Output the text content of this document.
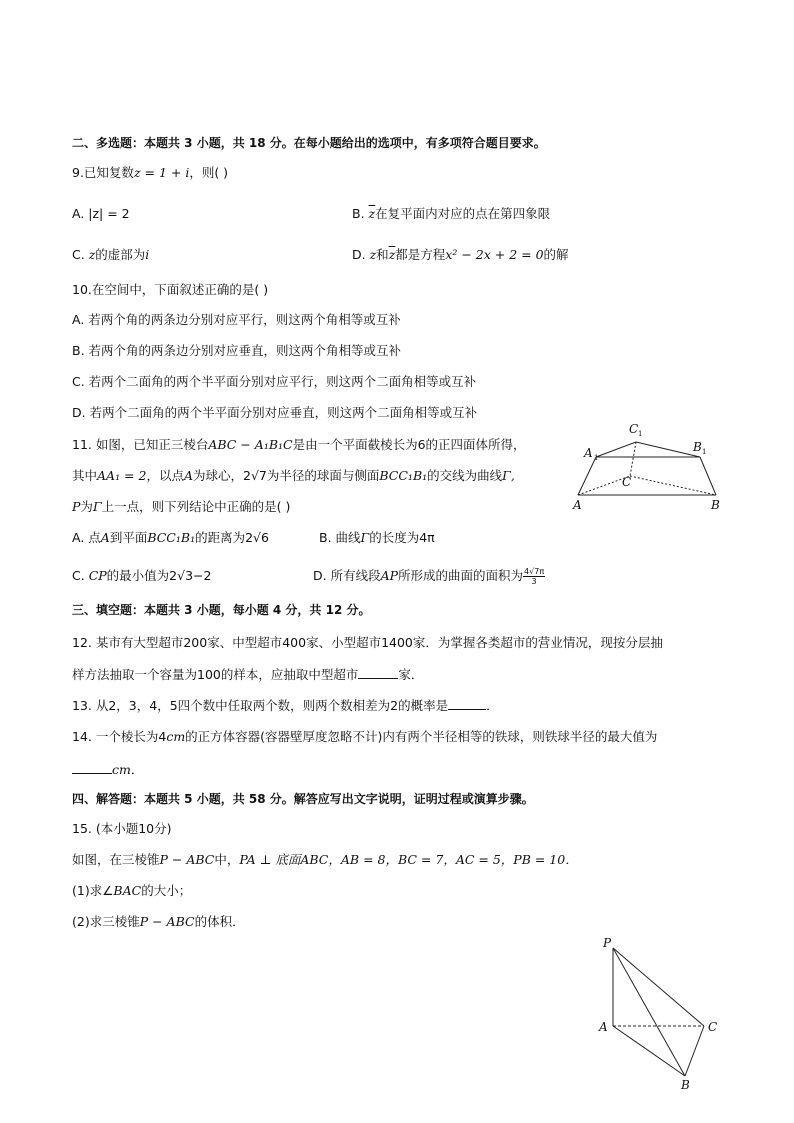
二、多选题：本题共 3 小题，共 18 分。在每小题给出的选项中，有多项符合题目要求。
9.已知复数z = 1 + i，则( )
A. |z| = 2	B. $\overline{z}$在复平面内对应的点在第四象限
C. z的虚部为i	D. z和$\overline{z}$都是方程x² − 2x + 2 = 0的解
10.在空间中，下面叙述正确的是( )
A. 若两个角的两条边分别对应平行，则这两个角相等或互补
B. 若两个角的两条边分别对应垂直，则这两个角相等或互补
C. 若两个二面角的两个半平面分别对应平行，则这两个二面角相等或互补
D. 若两个二面角的两个半平面分别对应垂直，则这两个二面角相等或互补
11. 如图，已知正三棱台ABC − A₁B₁C是由一个平面截棱长为6的正四面体所得，
其中AA₁ = 2，以点A为球心，2√7为半径的球面与侧面BCC₁B₁的交线为曲线Γ,
P为Γ上一点，则下列结论中正确的是( )
A. 点A到平面BCC₁B₁的距离为2√6	B. 曲线Γ的长度为4π
C. CP的最小值为2√3−2	D. 所有线段AP所形成的曲面的面积为 $\frac{4√7\pi}{3}$
A 1
C 1
B 1
C
A	B
三、填空题：本题共 3 小题，每小题 4 分，共 12 分。
12. 某市有大型超市200家、中型超市400家、小型超市1400家．为掌握各类超市的营业情况，现按分层抽
样方法抽取一个容量为100的样本，应抽取中型超市	家．
13. 从2，3，4，5四个数中任取两个数，则两个数相差为2的概率是	．
14. 一个棱长为4cm的正方体容器(容器壁厚度忽略不计)内有两个半径相等的铁球，则铁球半径的最大值为
cm．
四、解答题：本题共 5 小题，共 58 分。解答应写出文字说明，证明过程或演算步骤。
15. (本小题10分)
如图，在三棱锥P − ABC中，PA ⊥ 底面ABC，AB = 8，BC = 7，AC = 5，PB = 10．
(1)求∠BAC的大小；
(2)求三棱锥P − ABC的体积．
P
A	C
B
